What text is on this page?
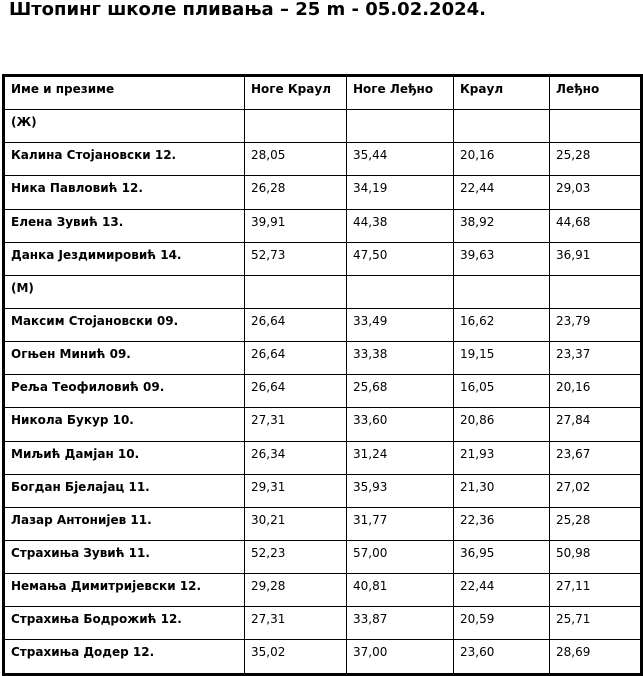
Штопинг школе пливања – 25 m - 05.02.2024.
Име и презиме	Ноге Краул	Ноге Леђно	Краул	Леђно

(Ж)				

Калина Стојановски 12.	28,05	35,44	20,16	25,28

Ника Павловић 12.	26,28	34,19	22,44	29,03

Елена Зувић 13.	39,91	44,38	38,92	44,68

Данка Јездимировић 14.	52,73	47,50	39,63	36,91

(М)				

Максим Стојановски 09.	26,64	33,49	16,62	23,79

Огњен Минић 09.	26,64	33,38	19,15	23,37

Реља Теофиловић 09.	26,64	25,68	16,05	20,16

Никола Букур 10.	27,31	33,60	20,86	27,84

Миљић Дамјан 10.	26,34	31,24	21,93	23,67

Богдан Бјелајац 11.	29,31	35,93	21,30	27,02

Лазар Антонијев 11.	30,21	31,77	22,36	25,28

Страхиња Зувић 11.	52,23	57,00	36,95	50,98

Немања Димитријевски 12.	29,28	40,81	22,44	27,11

Страхиња Бодрожић 12.	27,31	33,87	20,59	25,71

Страхиња Додер 12.	35,02	37,00	23,60	28,69
